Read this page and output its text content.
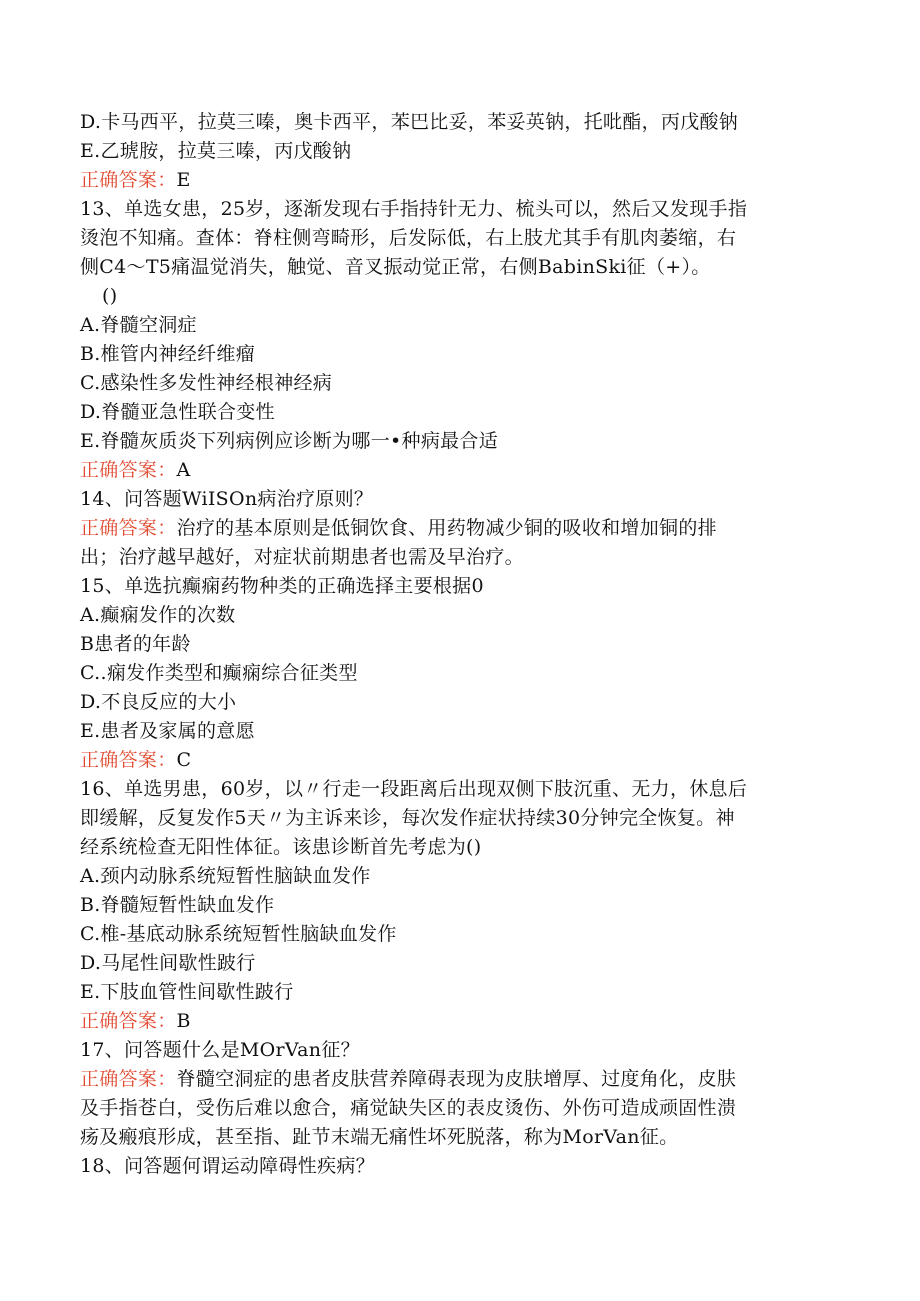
D.卡马西平，拉莫三嗪，奥卡西平，苯巴比妥，苯妥英钠，托吡酯，丙戊酸钠
E.乙琥胺，拉莫三嗪，丙戊酸钠
正确答案：E
13、单选女患，25岁，逐渐发现右手指持针无力、梳头可以，然后又发现手指
烫泡不知痛。查体：脊柱侧弯畸形，后发际低，右上肢尤其手有肌肉萎缩，右
侧C4～T5痛温觉消失，触觉、音叉振动觉正常，右侧BabinSki征（+）。
()
A.脊髓空洞症
B.椎管内神经纤维瘤
C.感染性多发性神经根神经病
D.脊髓亚急性联合变性
E.脊髓灰质炎下列病例应诊断为哪一•种病最合适
正确答案：A
14、问答题WiISOn病治疗原则？
正确答案：治疗的基本原则是低铜饮食、用药物减少铜的吸收和增加铜的排
出；治疗越早越好，对症状前期患者也需及早治疗。
15、单选抗癫痫药物种类的正确选择主要根据0
A.癫痫发作的次数
B患者的年龄
C..痫发作类型和癫痫综合征类型
D.不良反应的大小
E.患者及家属的意愿
正确答案：C
16、单选男患，60岁，以〃行走一段距离后出现双侧下肢沉重、无力，休息后
即缓解，反复发作5天〃为主诉来诊，每次发作症状持续30分钟完全恢复。神
经系统检查无阳性体征。该患诊断首先考虑为()
A.颈内动脉系统短暂性脑缺血发作
B.脊髓短暂性缺血发作
C.椎-基底动脉系统短暂性脑缺血发作
D.马尾性间歇性跛行
E.下肢血管性间歇性跛行
正确答案：B
17、问答题什么是MOrVan征？
正确答案：脊髓空洞症的患者皮肤营养障碍表现为皮肤增厚、过度角化，皮肤
及手指苍白，受伤后难以愈合，痛觉缺失区的表皮烫伤、外伤可造成顽固性溃
疡及瘢痕形成，甚至指、趾节末端无痛性坏死脱落，称为MorVan征。
18、问答题何谓运动障碍性疾病？
